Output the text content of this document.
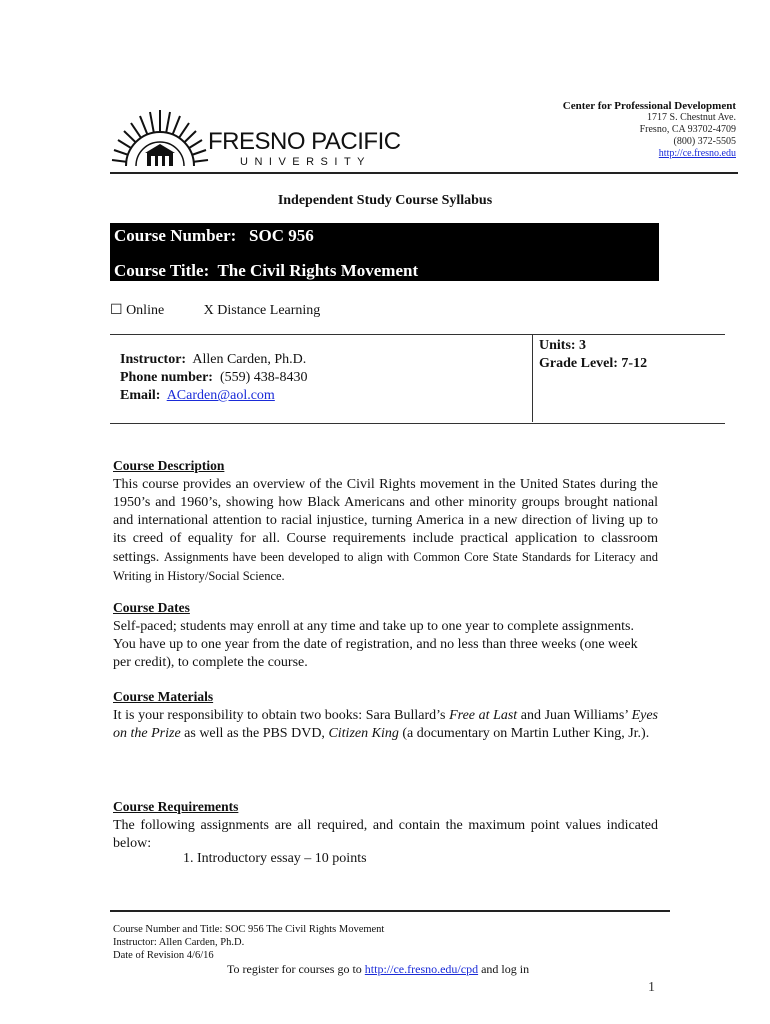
FRESNO PACIFIC
UNIVERSITY
Center for Professional Development
1717 S. Chestnut Ave.
Fresno, CA 93702-4709
(800) 372-5505
http://ce.fresno.edu
Independent Study Course Syllabus
Course Number: SOC 956
Course Title: The Civil Rights Movement
☐ Online	X Distance Learning
Instructor: Allen Carden, Ph.D.
Phone number: (559) 438-8430
Email: ACarden@aol.com
Units: 3
Grade Level: 7-12
Course Description
This course provides an overview of the Civil Rights movement in the United States during the 1950’s and 1960’s, showing how Black Americans and other minority groups brought national and international attention to racial injustice, turning America in a new direction of living up to its creed of equality for all. Course requirements include practical application to classroom settings. Assignments have been developed to align with Common Core State Standards for Literacy and Writing in History/Social Science.
Course Dates
Self-paced; students may enroll at any time and take up to one year to complete assignments. You have up to one year from the date of registration, and no less than three weeks (one week per credit), to complete the course.
Course Materials
It is your responsibility to obtain two books: Sara Bullard’s Free at Last and Juan Williams’ Eyes on the Prize as well as the PBS DVD, Citizen King (a documentary on Martin Luther King, Jr.).
Course Requirements
The following assignments are all required, and contain the maximum point values indicated below:
1. Introductory essay – 10 points
Course Number and Title: SOC 956 The Civil Rights Movement
Instructor: Allen Carden, Ph.D.
Date of Revision 4/6/16
To register for courses go to http://ce.fresno.edu/cpd and log in
1
